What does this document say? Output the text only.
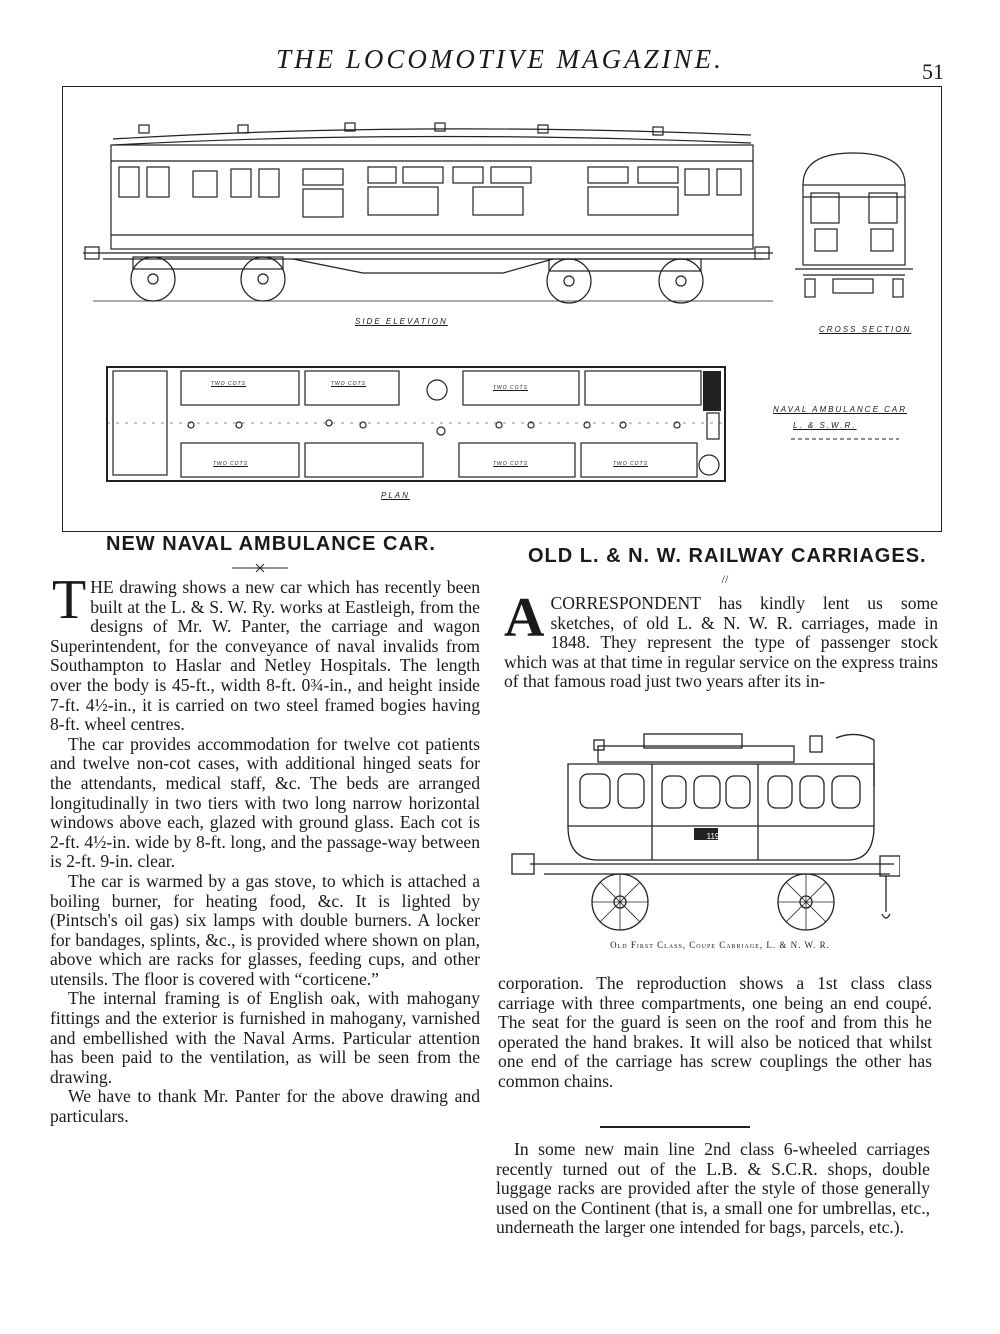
THE LOCOMOTIVE MAGAZINE.	51
SIDE ELEVATION
CROSS SECTION
PLAN
NAVAL AMBULANCE CAR
L. & S.W.R.
TWO COTS	TWO COTS
TWO COTS
TWO COTS	TWO COTS	TWO COTS
NEW NAVAL AMBULANCE CAR.

THE drawing shows a new car which has recently been built at the L. & S. W. Ry. works at Eastleigh, from the designs of Mr. W. Panter, the carriage and wagon Superintendent, for the conveyance of naval invalids from Southampton to Haslar and Netley Hospitals. The length over the body is 45-ft., width 8-ft. 0¾-in., and height inside 7-ft. 4½-in., it is carried on two steel framed bogies having 8-ft. wheel centres.

The car provides accommodation for twelve cot patients and twelve non-cot cases, with additional hinged seats for the attendants, medical staff, &c. The beds are arranged longitudinally in two tiers with two long narrow horizontal windows above each, glazed with ground glass. Each cot is 2-ft. 4½-in. wide by 8-ft. long, and the passage-way between is 2-ft. 9-in. clear.

The car is warmed by a gas stove, to which is attached a boiling burner, for heating food, &c. It is lighted by (Pintsch's oil gas) six lamps with double burners. A locker for bandages, splints, &c., is provided where shown on plan, above which are racks for glasses, feeding cups, and other utensils. The floor is covered with “corticene.”

The internal framing is of English oak, with mahogany fittings and the exterior is furnished in mahogany, varnished and embellished with the Naval Arms. Particular attention has been paid to the ventilation, as will be seen from the drawing.

We have to thank Mr. Panter for the above drawing and particulars.

OLD L. & N. W. RAILWAY CARRIAGES.
//

ACORRESPONDENT has kindly lent us some sketches, of old L. & N. W. R. carriages, made in 1848. They represent the type of passenger stock which was at that time in regular service on the express trains of that famous road just two years after its in-

119
Old First Class, Coupe Carriage, L. & N. W. R.

corporation. The reproduction shows a 1st class class carriage with three compartments, one being an end coupé. The seat for the guard is seen on the roof and from this he operated the hand brakes. It will also be noticed that whilst one end of the carriage has screw couplings the other has common chains.

In some new main line 2nd class 6-wheeled carriages recently turned out of the L.B. & S.C.R. shops, double luggage racks are provided after the style of those generally used on the Continent (that is, a small one for umbrellas, etc., underneath the larger one intended for bags, parcels, etc.).
